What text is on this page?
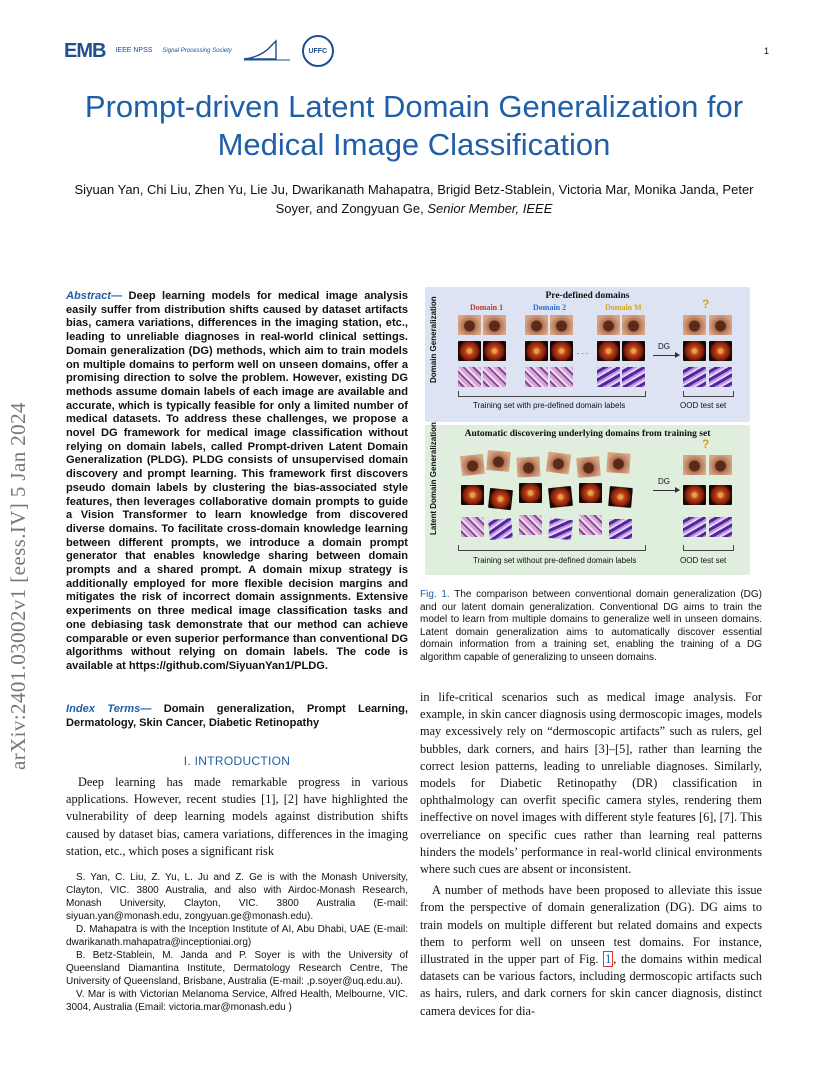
EMB IEEE NPSS Signal Processing Society	UFFC	1
Prompt-driven Latent Domain Generalization for Medical Image Classification
Siyuan Yan, Chi Liu, Zhen Yu, Lie Ju, Dwarikanath Mahapatra, Brigid Betz-Stablein, Victoria Mar, Monika Janda, Peter Soyer, and Zongyuan Ge, Senior Member, IEEE
arXiv:2401.03002v1 [eess.IV] 5 Jan 2024
Abstract— Deep learning models for medical image analysis easily suffer from distribution shifts caused by dataset artifacts bias, camera variations, differences in the imaging station, etc., leading to unreliable diagnoses in real-world clinical settings. Domain generalization (DG) methods, which aim to train models on multiple domains to perform well on unseen domains, offer a promising direction to solve the problem. However, existing DG methods assume domain labels of each image are available and accurate, which is typically feasible for only a limited number of medical datasets. To address these challenges, we propose a novel DG framework for medical image classification without relying on domain labels, called Prompt-driven Latent Domain Generalization (PLDG). PLDG consists of unsupervised domain discovery and prompt learning. This framework first discovers pseudo domain labels by clustering the bias-associated style features, then leverages collaborative domain prompts to guide a Vision Transformer to learn knowledge from discovered diverse domains. To facilitate cross-domain knowledge learning between different prompts, we introduce a domain prompt generator that enables knowledge sharing between domain prompts and a shared prompt. A domain mixup strategy is additionally employed for more flexible decision margins and mitigates the risk of incorrect domain assignments. Extensive experiments on three medical image classification tasks and one debiasing task demonstrate that our method can achieve comparable or even superior performance than conventional DG algorithms without relying on domain labels. The code is available at https://github.com/SiyuanYan1/PLDG.
Index Terms— Domain generalization, Prompt Learning, Dermatology, Skin Cancer, Diabetic Retinopathy
I. INTRODUCTION
Deep learning has made remarkable progress in various applications. However, recent studies [1], [2] have highlighted the vulnerability of deep learning models against distribution shifts caused by dataset bias, camera variations, differences in the imaging station, etc., which poses a significant risk

S. Yan, C. Liu, Z. Yu, L. Ju and Z. Ge is with the Monash University, Clayton, VIC. 3800 Australia, and also with Airdoc-Monash Research, Monash University, Clayton, VIC. 3800 Australia (E-mail: siyuan.yan@monash.edu, zongyuan.ge@monash.edu).

D. Mahapatra is with the Inception Institute of AI, Abu Dhabi, UAE (E-mail: dwarikanath.mahapatra@inceptioniai.org)

B. Betz-Stablein, M. Janda and P. Soyer is with the University of Queensland Diamantina Institute, Dermatology Research Centre, The University of Queensland, Brisbane, Australia (E-mail: ,p.soyer@uq.edu.au).

V. Mar is with Victorian Melanoma Service, Alfred Health, Melbourne, VIC. 3004, Australia (Email: victoria.mar@monash.edu )

Pre-defined domains
Domain 1	Domain 2	Domain M	?
Domain Generalization	. . .
DG
Training set with pre-defined domain labels	OOD test set
Automatic discovering underlying domains from training set
?
Latent Domain Generalization	DG
Training set without pre-defined domain labels	OOD test set
Fig. 1. The comparison between conventional domain generalization (DG) and our latent domain generalization. Conventional DG aims to train the model to learn from multiple domains to generalize well in unseen domains. Latent domain generalization aims to automatically discover essential domain information from a training set, enabling the training of a DG algorithm capable of generalizing to unseen domains.

in life-critical scenarios such as medical image analysis. For example, in skin cancer diagnosis using dermoscopic images, models may excessively rely on “dermoscopic artifacts” such as rulers, gel bubbles, dark corners, and hairs [3]–[5], rather than learning the correct lesion patterns, leading to unreliable diagnoses. Similarly, models for Diabetic Retinopathy (DR) classification in ophthalmology can overfit specific camera styles, rendering them ineffective on novel images with different style features [6], [7]. This overreliance on specific cues rather than learning real patterns hinders the models’ performance in real-world clinical environments where such cues are absent or inconsistent.

A number of methods have been proposed to alleviate this issue from the perspective of domain generalization (DG). DG aims to train models on multiple different but related domains and expects them to perform well on unseen test domains. For instance, illustrated in the upper part of Fig. 1 , the domains within medical datasets can be various factors, including dermoscopic artifacts such as hairs, rulers, and dark corners for skin cancer diagnosis, distinct camera devices for dia-
